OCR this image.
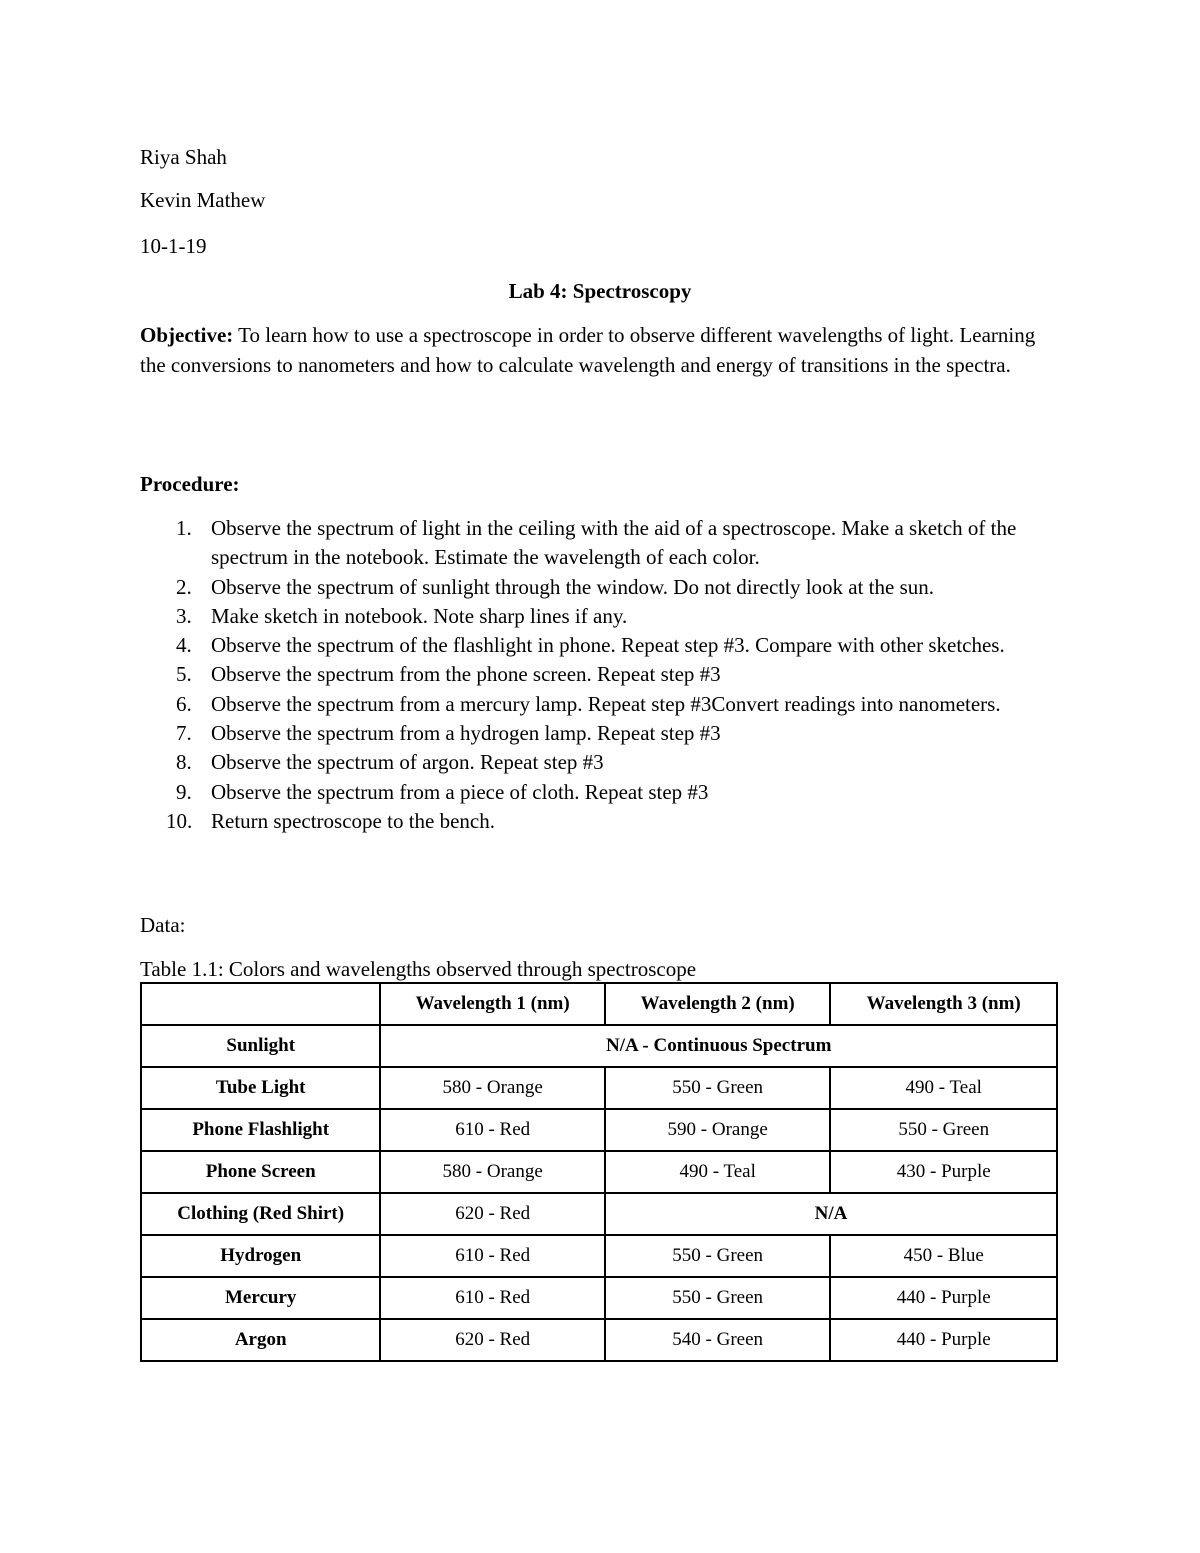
Riya Shah
Kevin Mathew
10-1-19
Lab 4: Spectroscopy
Objective: To learn how to use a spectroscope in order to observe different wavelengths of light. Learning the conversions to nanometers and how to calculate wavelength and energy of transitions in the spectra.
Procedure:
1. Observe the spectrum of light in the ceiling with the aid of a spectroscope. Make a sketch of the spectrum in the notebook. Estimate the wavelength of each color.
2. Observe the spectrum of sunlight through the window. Do not directly look at the sun.
3. Make sketch in notebook. Note sharp lines if any.
4. Observe the spectrum of the flashlight in phone. Repeat step #3. Compare with other sketches.
5. Observe the spectrum from the phone screen. Repeat step #3
6. Observe the spectrum from a mercury lamp. Repeat step #3Convert readings into nanometers.
7. Observe the spectrum from a hydrogen lamp. Repeat step #3
8. Observe the spectrum of argon. Repeat step #3
9. Observe the spectrum from a piece of cloth. Repeat step #3
10. Return spectroscope to the bench.
Data:
Table 1.1: Colors and wavelengths observed through spectroscope
	Wavelength 1 (nm)	Wavelength 2 (nm)	Wavelength 3 (nm)
Sunlight	N/A - Continuous Spectrum		
Tube Light	580 - Orange	550 - Green	490 - Teal
Phone Flashlight	610 - Red	590 - Orange	550 - Green
Phone Screen	580 - Orange	490 - Teal	430 - Purple
Clothing (Red Shirt)	620 - Red	N/A	
Hydrogen	610 - Red	550 - Green	450 - Blue
Mercury	610 - Red	550 - Green	440 - Purple
Argon	620 - Red	540 - Green	440 - Purple
